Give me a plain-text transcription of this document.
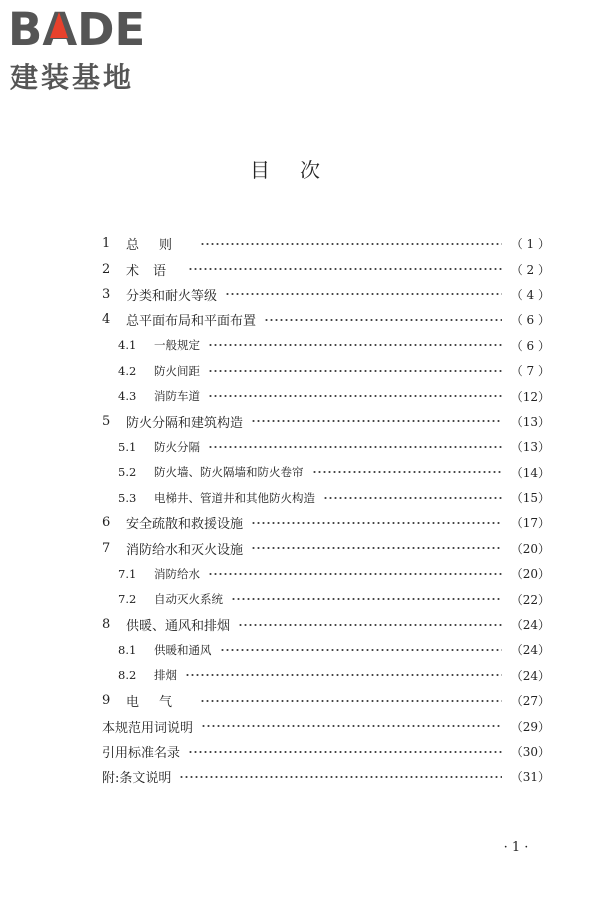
BA
DE
建装基地
目次
1	总则	（ 1 ）
2	术语	（ 2 ）
3	分类和耐火等级	（ 4 ）
4	总平面布局和平面布置	（ 6 ）
4.1	一般规定	（ 6 ）
4.2	防火间距	（ 7 ）
4.3	消防车道	（12）
5	防火分隔和建筑构造	（13）
5.1	防火分隔	（13）
5.2	防火墙、防火隔墙和防火卷帘	（14）
5.3	电梯井、管道井和其他防火构造	（15）
6	安全疏散和救援设施	（17）
7	消防给水和灭火设施	（20）
7.1	消防给水	（20）
7.2	自动灭火系统	（22）
8	供暖、通风和排烟	（24）
8.1	供暖和通风	（24）
8.2	排烟	（24）
9	电气	（27）
本规范用词说明	（29）
引用标准名录	（30）
附:条文说明	（31）
· 1 ·
